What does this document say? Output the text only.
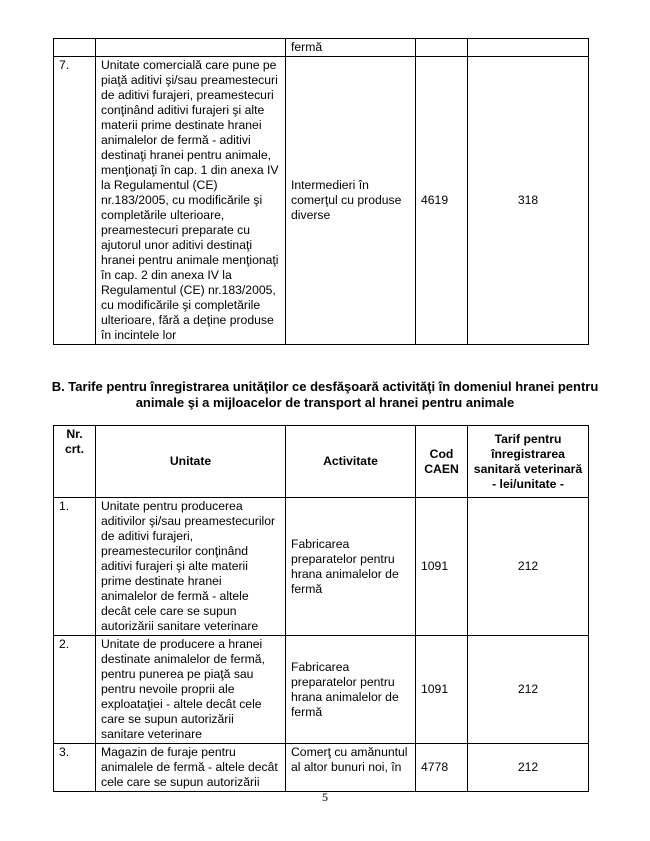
		fermă		
7.	Unitate comercială care pune pe piaţă aditivi şi/sau preamestecuri de aditivi furajeri, preamestecuri conţinând aditivi furajeri şi alte materii prime destinate hranei animalelor de fermă - aditivi destinaţi hranei pentru animale, menţionaţi în cap. 1 din anexa IV la Regulamentul (CE) nr.183/2005, cu modificările şi completările ulterioare, preamestecuri preparate cu ajutorul unor aditivi destinaţi hranei pentru animale menţionaţi în cap. 2 din anexa IV la Regulamentul (CE) nr.183/2005, cu modificările şi completările ulterioare, fără a deţine produse în incintele lor	Intermedieri în comerţul cu produse diverse	4619	318

B. Tarife pentru înregistrarea unităţilor ce desfăşoară activităţi în domeniul hranei pentru animale şi a mijloacelor de transport al hranei pentru animale

Nr. crt.	Unitate	Activitate	Cod CAEN	Tarif pentru înregistrarea sanitară veterinară - lei/unitate -
1.	Unitate pentru producerea aditivilor şi/sau preamestecurilor de aditivi furajeri, preamestecurilor conţinând aditivi furajeri şi alte materii prime destinate hranei animalelor de fermă - altele decât cele care se supun autorizării sanitare veterinare	Fabricarea preparatelor pentru hrana animalelor de fermă	1091	212
2.	Unitate de producere a hranei destinate animalelor de fermă, pentru punerea pe piaţă sau pentru nevoile proprii ale exploataţiei - altele decât cele care se supun autorizării sanitare veterinare	Fabricarea preparatelor pentru hrana animalelor de fermă	1091	212
3.	Magazin de furaje pentru animalele de fermă - altele decât cele care se supun autorizării	Comerţ cu amănuntul al altor bunuri noi, în	4778	212
5
